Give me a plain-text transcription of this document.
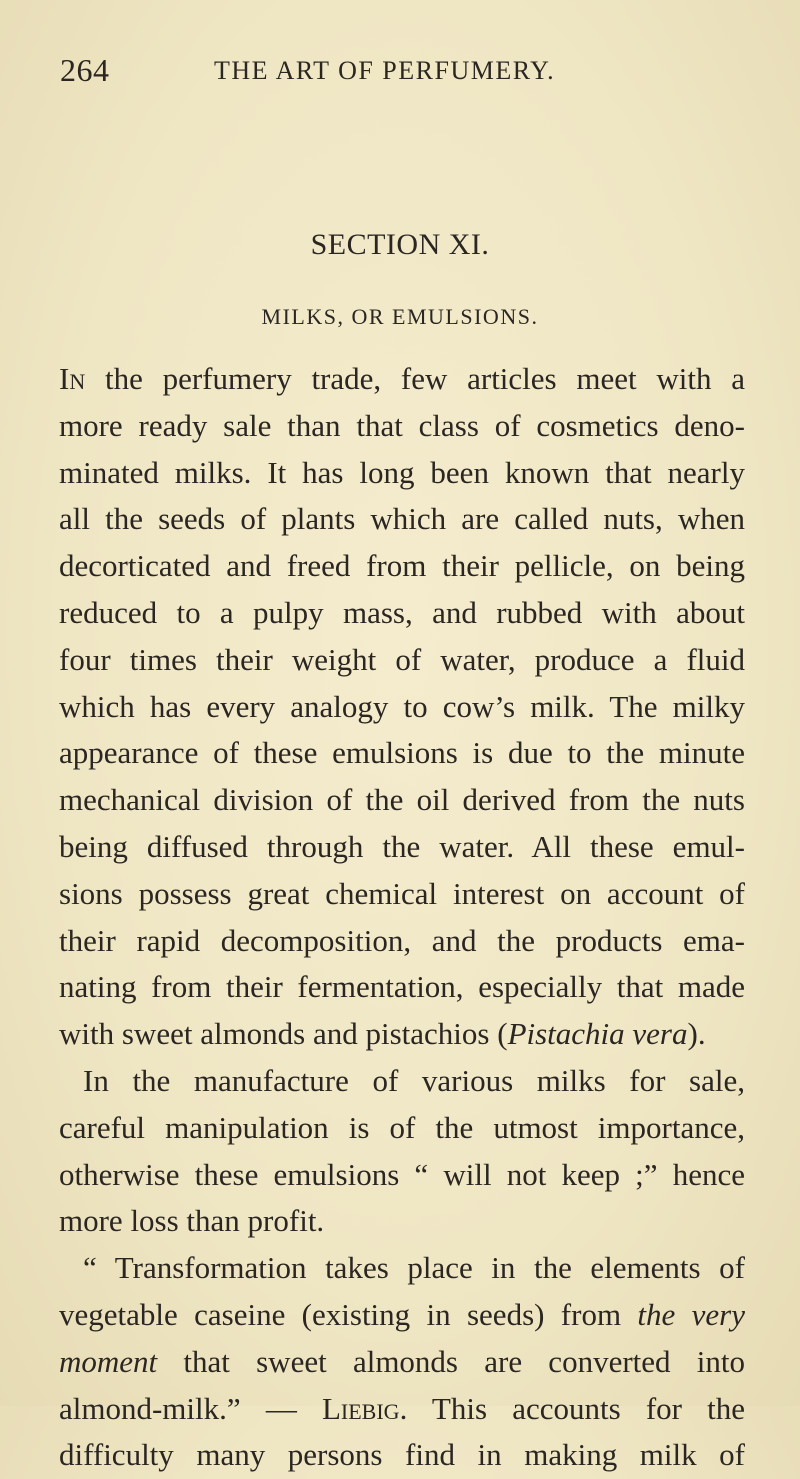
264	THE ART OF PERFUMERY.
SECTION XI.
MILKS, OR EMULSIONS.
In the perfumery trade, few articles meet with a
more ready sale than that class of cosmetics deno-
minated milks. It has long been known that nearly
all the seeds of plants which are called nuts, when
decorticated and freed from their pellicle, on being
reduced to a pulpy mass, and rubbed with about
four times their weight of water, produce a fluid
which has every analogy to cow’s milk. The milky
appearance of these emulsions is due to the minute
mechanical division of the oil derived from the nuts
being diffused through the water. All these emul-
sions possess great chemical interest on account of
their rapid decomposition, and the products ema-
nating from their fermentation, especially that made
with sweet almonds and pistachios (Pistachia vera).
In the manufacture of various milks for sale,
careful manipulation is of the utmost importance,
otherwise these emulsions “ will not keep ;” hence
more loss than profit.
“ Transformation takes place in the elements of
vegetable caseine (existing in seeds) from the very
moment that sweet almonds are converted into
almond-milk.” — Liebig. This accounts for the
difficulty many persons find in making milk of
